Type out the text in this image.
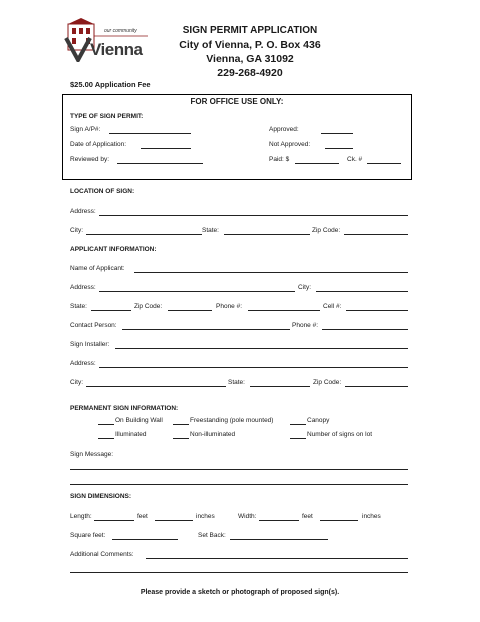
our community
Vienna
SIGN PERMIT APPLICATION
City of Vienna, P. O. Box 436
Vienna, GA 31092
229-268-4920
$25.00 Application Fee
FOR OFFICE USE ONLY:
TYPE OF SIGN PERMIT:
Sign A/P#:	Approved:
Date of Application:	Not Approved:
Reviewed by:	Paid: $	Ck. #
LOCATION OF SIGN:
Address:
City:	State:	Zip Code:
APPLICANT INFORMATION:
Name of Applicant:
Address:	City:
State:	Zip Code:	Phone #:	Cell #:
Contact Person:	Phone #:
Sign Installer:
Address:
City:	State:	Zip Code:
PERMANENT SIGN INFORMATION:
On Building Wall	Freestanding (pole mounted)	Canopy
Illuminated	Non-illuminated	Number of signs on lot
Sign Message:
SIGN DIMENSIONS:
Length:	feet	inches	Width:	feet	inches
Square feet:	Set Back:
Additional Comments:
Please provide a sketch or photograph of proposed sign(s).
